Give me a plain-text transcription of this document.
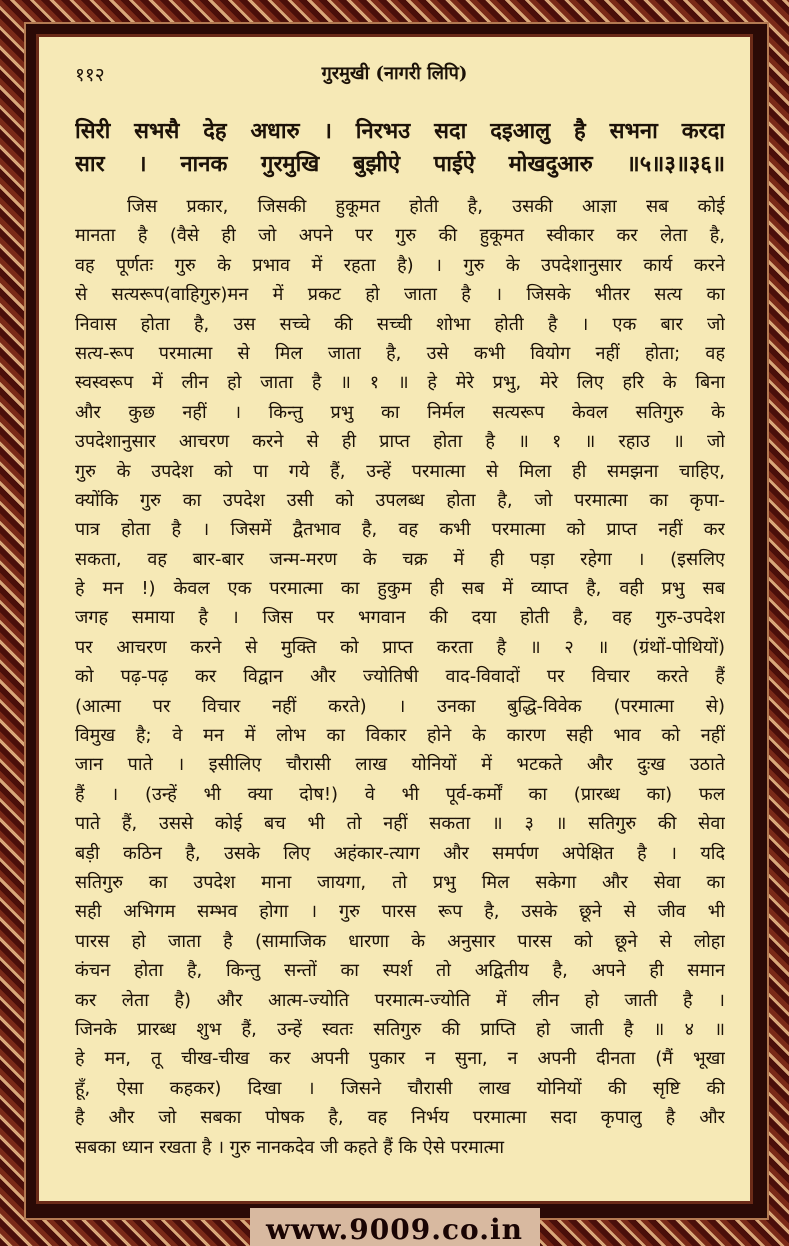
११२	गुरमुखी (नागरी लिपि)
सिरी सभसै देह अधारु । निरभउ सदा दइआलु है सभना करदा
सार । नानक गुरमुखि बुझीऐ पाईऐ मोखदुआरु ॥५॥३॥३६॥
जिस प्रकार, जिसकी हुकूमत होती है, उसकी आज्ञा सब कोई
मानता है (वैसे ही जो अपने पर गुरु की हुकूमत स्वीकार कर लेता है,
वह पूर्णतः गुरु के प्रभाव में रहता है) । गुरु के उपदेशानुसार कार्य करने
से सत्यरूप(वाहिगुरु)मन में प्रकट हो जाता है । जिसके भीतर सत्य का
निवास होता है, उस सच्चे की सच्ची शोभा होती है । एक बार जो
सत्य-रूप परमात्मा से मिल जाता है, उसे कभी वियोग नहीं होता; वह
स्वस्वरूप में लीन हो जाता है ॥ १ ॥ हे मेरे प्रभु, मेरे लिए हरि के बिना
और कुछ नहीं । किन्तु प्रभु का निर्मल सत्यरूप केवल सतिगुरु के
उपदेशानुसार आचरण करने से ही प्राप्त होता है ॥ १ ॥ रहाउ ॥ जो
गुरु के उपदेश को पा गये हैं, उन्हें परमात्मा से मिला ही समझना चाहिए,
क्योंकि गुरु का उपदेश उसी को उपलब्ध होता है, जो परमात्मा का कृपा-
पात्र होता है । जिसमें द्वैतभाव है, वह कभी परमात्मा को प्राप्त नहीं कर
सकता, वह बार-बार जन्म-मरण के चक्र में ही पड़ा रहेगा । (इसलिए
हे मन !) केवल एक परमात्मा का हुकुम ही सब में व्याप्त है, वही प्रभु सब
जगह समाया है । जिस पर भगवान की दया होती है, वह गुरु-उपदेश
पर आचरण करने से मुक्ति को प्राप्त करता है ॥ २ ॥ (ग्रंथों-पोथियों)
को पढ़-पढ़ कर विद्वान और ज्योतिषी वाद-विवादों पर विचार करते हैं
(आत्मा पर विचार नहीं करते) । उनका बुद्धि-विवेक (परमात्मा से)
विमुख है; वे मन में लोभ का विकार होने के कारण सही भाव को नहीं
जान पाते । इसीलिए चौरासी लाख योनियों में भटकते और दुःख उठाते
हैं । (उन्हें भी क्या दोष!) वे भी पूर्व-कर्मों का (प्रारब्ध का) फल
पाते हैं, उससे कोई बच भी तो नहीं सकता ॥ ३ ॥ सतिगुरु की सेवा
बड़ी कठिन है, उसके लिए अहंकार-त्याग और समर्पण अपेक्षित है । यदि
सतिगुरु का उपदेश माना जायगा, तो प्रभु मिल सकेगा और सेवा का
सही अभिगम सम्भव होगा । गुरु पारस रूप है, उसके छूने से जीव भी
पारस हो जाता है (सामाजिक धारणा के अनुसार पारस को छूने से लोहा
कंचन होता है, किन्तु सन्तों का स्पर्श तो अद्वितीय है, अपने ही समान
कर लेता है) और आत्म-ज्योति परमात्म-ज्योति में लीन हो जाती है ।
जिनके प्रारब्ध शुभ हैं, उन्हें स्वतः सतिगुरु की प्राप्ति हो जाती है ॥ ४ ॥
हे मन, तू चीख-चीख कर अपनी पुकार न सुना, न अपनी दीनता (मैं भूखा
हूँ, ऐसा कहकर) दिखा । जिसने चौरासी लाख योनियों की सृष्टि की
है और जो सबका पोषक है, वह निर्भय परमात्मा सदा कृपालु है और
सबका ध्यान रखता है । गुरु नानकदेव जी कहते हैं कि ऐसे परमात्मा
www.9009.co.in
